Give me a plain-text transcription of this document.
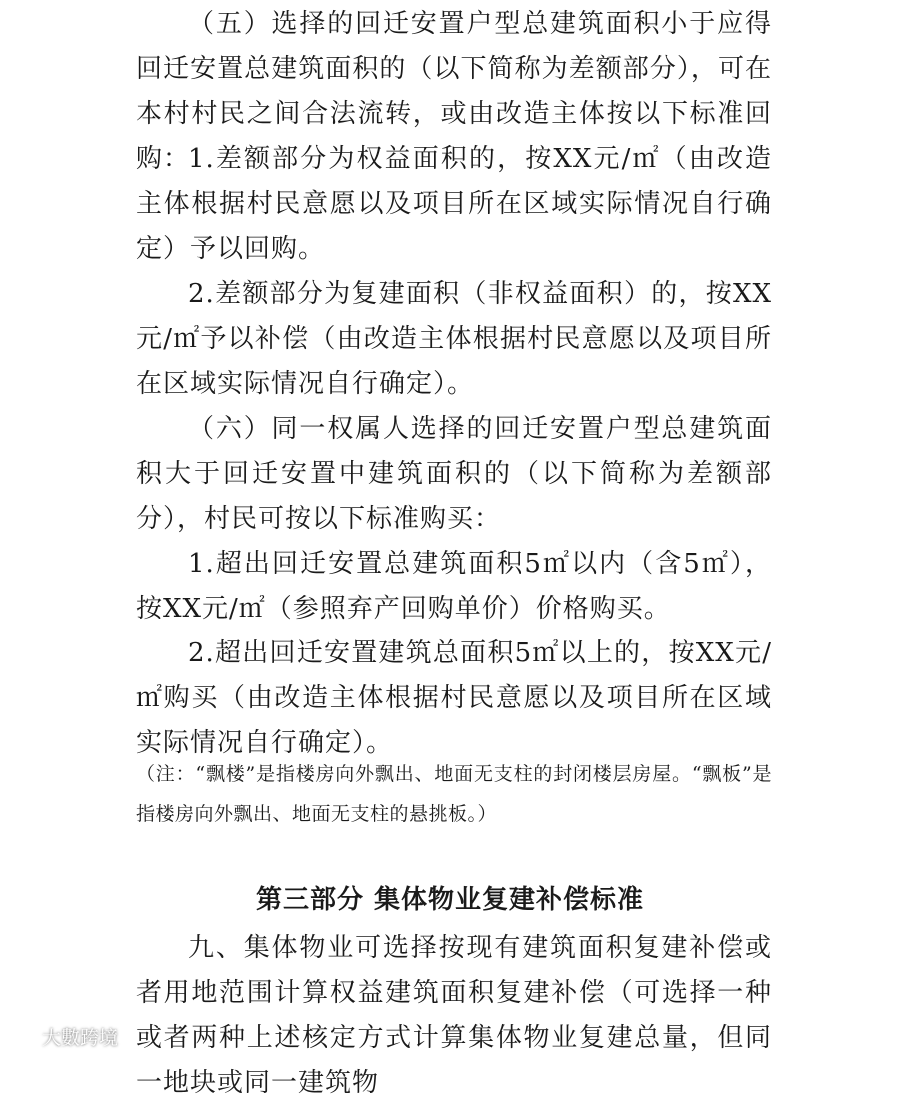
（五）选择的回迁安置户型总建筑面积小于应得回迁安置总建筑面积的（以下简称为差额部分），可在本村村民之间合法流转，或由改造主体按以下标准回购：

1.差额部分为权益面积的，按XX元/㎡（由改造主体根据村民意愿以及项目所在区域实际情况自行确定）予以回购。

2.差额部分为复建面积（非权益面积）的，按XX元/㎡予以补偿（由改造主体根据村民意愿以及项目所在区域实际情况自行确定）。

（六）同一权属人选择的回迁安置户型总建筑面积大于回迁安置中建筑面积的（以下简称为差额部分），村民可按以下标准购买：

1.超出回迁安置总建筑面积5㎡以内（含5㎡），按XX元/㎡（参照弃产回购单价）价格购买。

2.超出回迁安置建筑总面积5㎡以上的，按XX元/㎡购买（由改造主体根据村民意愿以及项目所在区域实际情况自行确定）。

（注：“飘楼”是指楼房向外飘出、地面无支柱的封闭楼层房屋。“飘板”是指楼房向外飘出、地面无支柱的悬挑板。）

第三部分 集体物业复建补偿标准

九、集体物业可选择按现有建筑面积复建补偿或者用地范围计算权益建筑面积复建补偿（可选择一种或者两种上述核定方式计算集体物业复建总量，但同一地块或同一建筑物

大數跨境
